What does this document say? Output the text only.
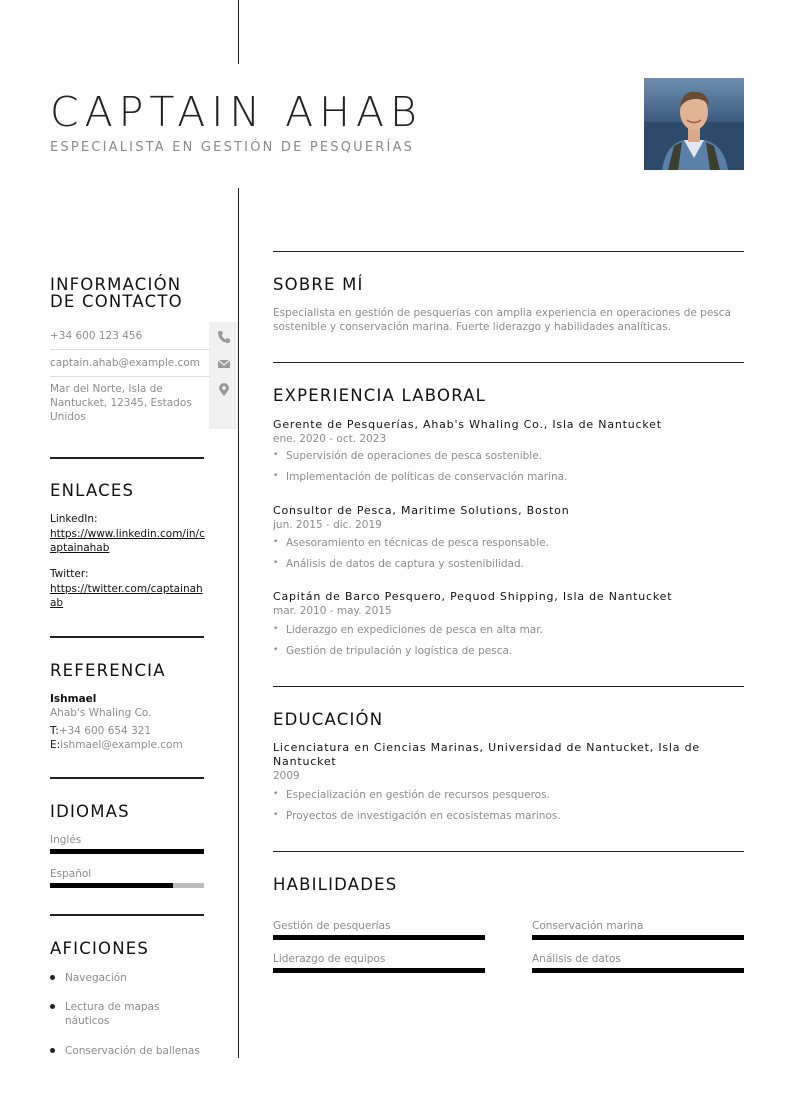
CAPTAIN AHAB
ESPECIALISTA EN GESTIÓN DE PESQUERÍAS
INFORMACIÓN
DE CONTACTO
+34 600 123 456
captain.ahab@example.com
Mar del Norte, Isla de Nantucket, 12345, Estados Unidos
ENLACES
LinkedIn:
https://www.linkedin.com/in/captainahab
Twitter:
https://twitter.com/captainahab
REFERENCIA
Ishmael
Ahab's Whaling Co.
T:+34 600 654 321
E:ishmael@example.com
IDIOMAS
Inglés
Español
AFICIONES
Navegación
Lectura de mapas náuticos
Conservación de ballenas
SOBRE MÍ
Especialista en gestión de pesquerías con amplia experiencia en operaciones de pesca sostenible y conservación marina. Fuerte liderazgo y habilidades analíticas.
EXPERIENCIA LABORAL
Gerente de Pesquerías, Ahab's Whaling Co., Isla de Nantucket
ene. 2020 - oct. 2023
• Supervisión de operaciones de pesca sostenible.
• Implementación de políticas de conservación marina.
Consultor de Pesca, Maritime Solutions, Boston
jun. 2015 - dic. 2019
• Asesoramiento en técnicas de pesca responsable.
• Análisis de datos de captura y sostenibilidad.
Capitán de Barco Pesquero, Pequod Shipping, Isla de Nantucket
mar. 2010 - may. 2015
• Liderazgo en expediciones de pesca en alta mar.
• Gestión de tripulación y logística de pesca.
EDUCACIÓN
Licenciatura en Ciencias Marinas, Universidad de Nantucket, Isla de Nantucket
2009
• Especialización en gestión de recursos pesqueros.
• Proyectos de investigación en ecosistemas marinos.
HABILIDADES
Gestión de pesquerías	Conservación marina
Liderazgo de equipos	Análisis de datos
